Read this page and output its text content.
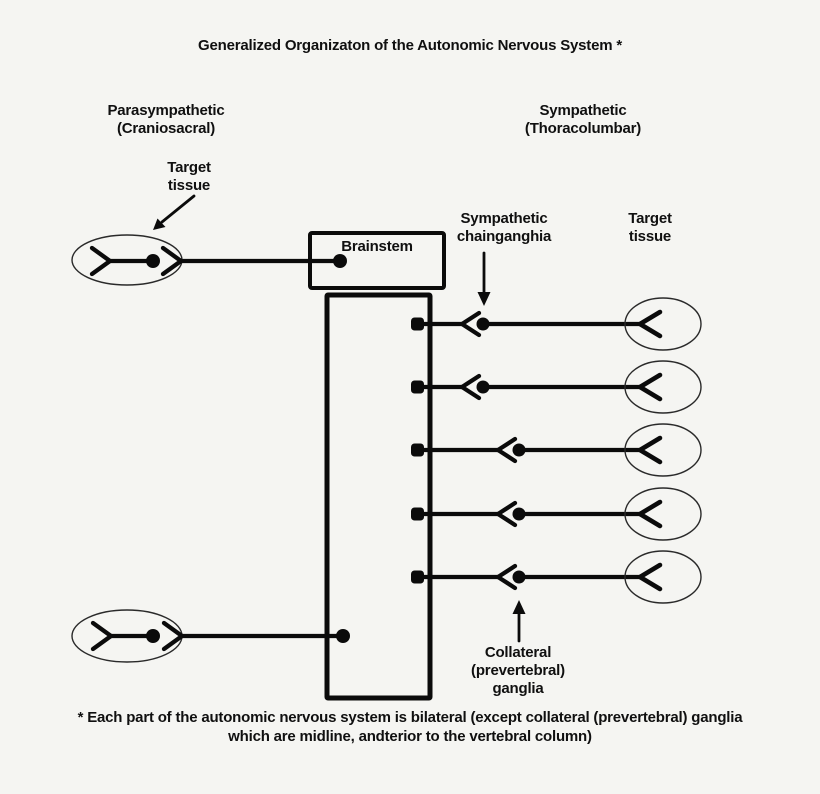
Generalized Organizaton of the Autonomic Nervous System *
Parasympathetic
(Craniosacral)
Sympathetic
(Thoracolumbar)
Target
tissue
Brainstem
Sympathetic
chainganghia
Target
tissue
Collateral
(prevertebral)
ganglia
* Each part of the autonomic nervous system is bilateral (except collateral (prevertebral) ganglia
which are midline, andterior to the vertebral column)
